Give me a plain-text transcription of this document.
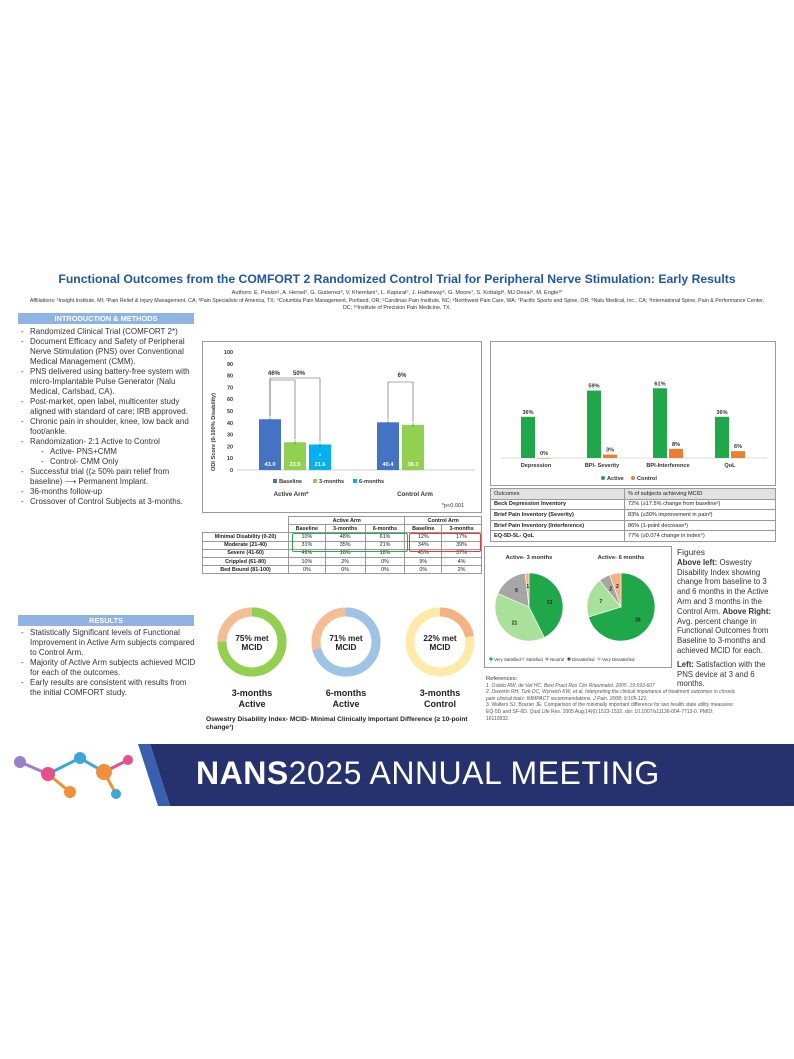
Functional Outcomes from the COMFORT 2 Randomized Control Trial for Peripheral Nerve Stimulation: Early Results
Authors: E. Peskin¹, A. Hersel², G. Gutierrez³, V. Khemlani⁴, L. Kapural⁵, J. Hatheway⁶, G. Moore⁷, S. Kottalgi⁸, MJ Desai⁹, M. Engle¹⁰
Affiliations: ¹Insight Institute, MI; ²Pain Relief & Injury Management, CA; ³Pain Specialists of America, TX; ⁴Columbia Pain Management, Portland, OR; ⁵Carolinas Pain Institute, NC; ⁶Northwest Pain Care, WA; ⁷Pacific Sports and Spine, OR; ⁸Nalu Medical, Inc., CA; ⁹International Spine, Pain & Performance Center, DC; ¹⁰Institute of Precision Pain Medicine, TX.
INTRODUCTION & METHODS
- Randomized Clinical Trial (COMFORT 2*)
- Document Efficacy and Safety of Peripheral Nerve Stimulation (PNS) over Conventional Medical Management (CMM).
- PNS delivered using battery-free system with micro-Implantable Pulse Generator (Nalu Medical, Carlsbad, CA).
- Post-market, open label, multicenter study aligned with standard of care; IRB approved.
- Chronic pain in shoulder, knee, low back and foot/ankle.
- Randomization- 2:1 Active to Control
- Active- PNS+CMM
- Control- CMM Only
- Successful trial ((≥ 50% pain relief from
baseline) ⟶ Permanent Implant.
- 36-months follow-up
- Crossover of Control Subjects at 3-months.
RESULTS
- Statistically Significant levels of Functional Improvement in Active Arm subjects compared to Control Arm.
- Majority of Active Arm subjects achieved MCID for each of the outcomes.
- Early results are consistent with results from the initial COMFORT study.
ODI Score (0-100% Disability)
46% 50%	6%
Active Arm*	Control Arm
Baseline	3-months	6-months
*p<0.001
0
10
20
30
40
50
60
70
80
90
100
43.0	23.5	21.6	40.4	38.3
*
	Active Arm			Control Arm	
	Baseline	3-months	6-months	Baseline	3-months
Minimal Disability (0-20)	10%	48%	61%	12%	17%
Moderate (21-40)	31%	35%	21%	34%	39%
Severe (41-60)	49%	16%	18%	45%	37%
Crippled (61-80)	10%	2%	0%	9%	4%
Bed Bound (81-100)	0%	0%	0%	0%	2%
75% met
MCID
3-months
Active
71% met
MCID
6-months
Active
22% met
MCID
3-months
Control
Oswestry Disability Index- MCID- Minimal Clinically Important Difference (≥ 10-point change¹)
36%
0%
Depression
59%
3%
BPI- Severity
61%
8%
BPI-Interference
36%
6%
QoL
Active Control
Outcomes	% of subjects achieving MCID
Beck Depression Inventory	72% (≥17.5% change from baseline²)
Brief Pain Inventory (Severity)	83% (≥30% improvement in pain³)
Brief Pain Inventory (Interference)	86% (1-point decrease³)
EQ-5D-5L- QoL	77% (≥0.074 change in index⁴)
Active- 3 months
23
21
9
1
Active- 6 months
26
7
2 2
Very Satisfied Satisfied Neutral Dissatisfied Very Dissatisfied
Figures
Above left: Oswestry Disability Index showing change from baseline to 3 and 6 months in the Active Arm and 3 months in the Control Arm. Above Right: Avg. percent change in Functional Outcomes from Baseline to 3-months and achieved MCID for each.
Left: Satisfaction with the PNS device at 3 and 6 months.
References:
1. Ostelo RW, de Vet HC. Best Pract Res Clin Rheumatol. 2005. 19:593-607
2. Dworkin RH, Turk DC, Wyrwich KW, et al. Interpreting the clinical importance of treatment outcomes in chronic pain clinical trials: IMMPACT recommendations. J Pain. 2008; 9:105-121.
3. Walters SJ, Brazier JE. Comparison of the minimally important difference for two health state utility measures: EQ-5D and SF-6D. Qual Life Res. 2005 Aug;14(6):1523-1532. doi: 10.1007/s11136-004-7713-0. PMID: 16110932.
NANS2025 ANNUAL MEETING
